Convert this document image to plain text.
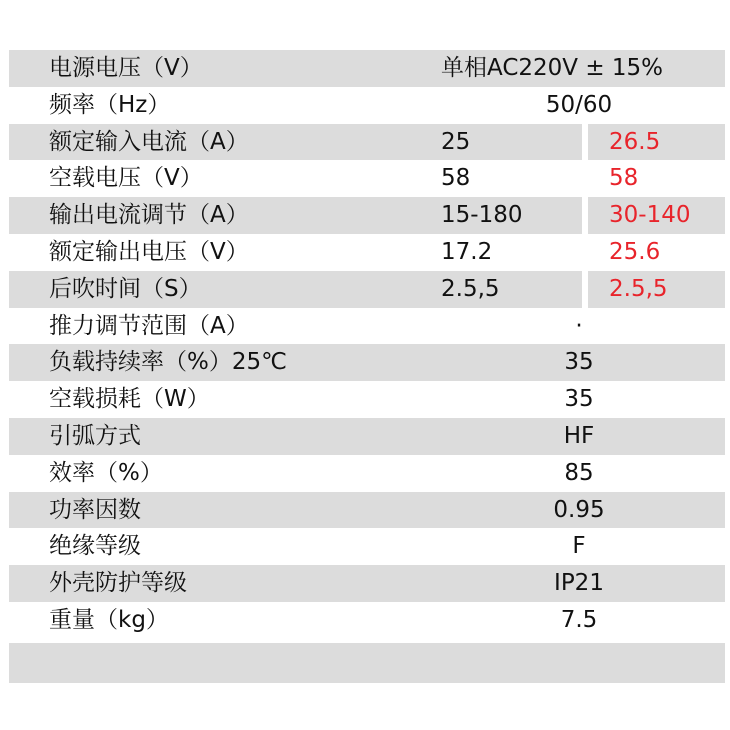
电源电压（V）	单相AC220V ± 15%
频率（Hz）	50/60
额定输入电流（A）	25	26.5
空载电压（V）	58	58
输出电流调节（A）	15-180	30-140
额定输出电压（V）	17.2	25.6
后吹时间（S）	2.5,5	2.5,5
推力调节范围（A）	·
负载持续率（%）25℃	35
空载损耗（W）	35
引弧方式	HF
效率（%）	85
功率因数	0.95
绝缘等级	F
外壳防护等级	IP21
重量（kg）	7.5
